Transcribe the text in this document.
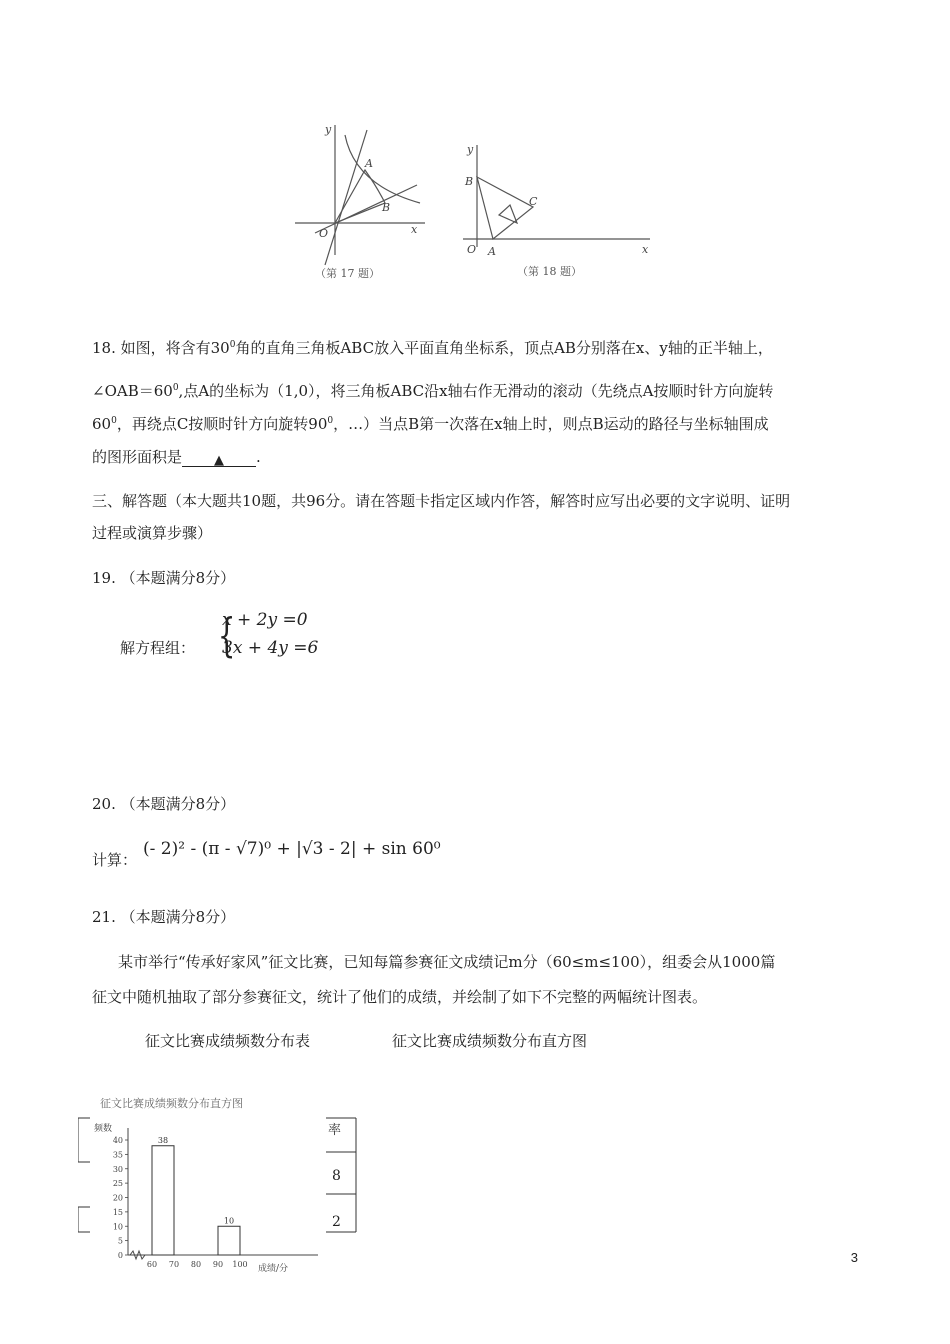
y
x
O
A
B
（第 17 题）
y
x
O A
B
C
（第 18 题）
18. 如图，将含有$30^0$角的直角三角板ABC放入平面直角坐标系，顶点AB分别落在x、y轴的正半轴上，
$\angle OAB=60^0$,点A的坐标为（1,0），将三角板ABC沿x轴右作无滑动的滚动（先绕点A按顺时针方向旋转
$60^0$，再绕点C按顺时针方向旋转$90^0$，…）当点B第一次落在x轴上时，则点B运动的路径与坐标轴围成
的图形面积是 ▲ .
三、解答题（本大题共10题，共96分。请在答题卡指定区域内作答，解答时应写出必要的文字说明、证明
过程或演算步骤）
19. （本题满分8分）
解方程组： {
x + 2y =0
3x + 4y =6
20. （本题满分8分）
计算：
(- 2)² - (π - √7)⁰ + |√3 - 2| + sin 60⁰
21. （本题满分8分）
某市举行“传承好家风”征文比赛，已知每篇参赛征文成绩记m分（60≤m≤100），组委会从1000篇
征文中随机抽取了部分参赛征文，统计了他们的成绩，并绘制了如下不完整的两幅统计图表。
征文比赛成绩频数分布表	征文比赛成绩频数分布直方图
率
8
2
征文比赛成绩频数分布直方图
频数
成绩/分
0
5
10
15
20
25
30
35
40
60 70 80 90 100
38
10
3
